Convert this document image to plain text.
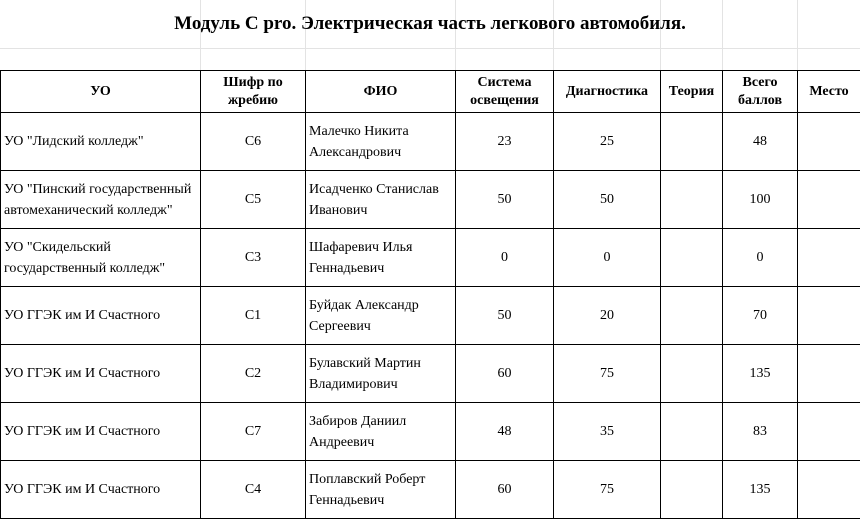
Модуль С pro. Электрическая часть легкового автомобиля.
УО	Шифр по жребию	ФИО	Система освещения	Диагностика	Теория	Всего баллов	Место
УО "Лидский колледж"	C6	Малечко Никита Александрович	23	25		48	
УО "Пинский государственный автомеханический колледж"	C5	Исадченко Станислав Иванович	50	50		100	
УО "Скидельский государственный колледж"	C3	Шафаревич Илья Геннадьевич	0	0		0	
УО ГГЭК им И Счастного	C1	Буйдак Александр Сергеевич	50	20		70	
УО ГГЭК им И Счастного	C2	Булавский Мартин Владимирович	60	75		135	
УО ГГЭК им И Счастного	C7	Забиров Даниил Андреевич	48	35		83	
УО ГГЭК им И Счастного	C4	Поплавский Роберт Геннадьевич	60	75		135	
